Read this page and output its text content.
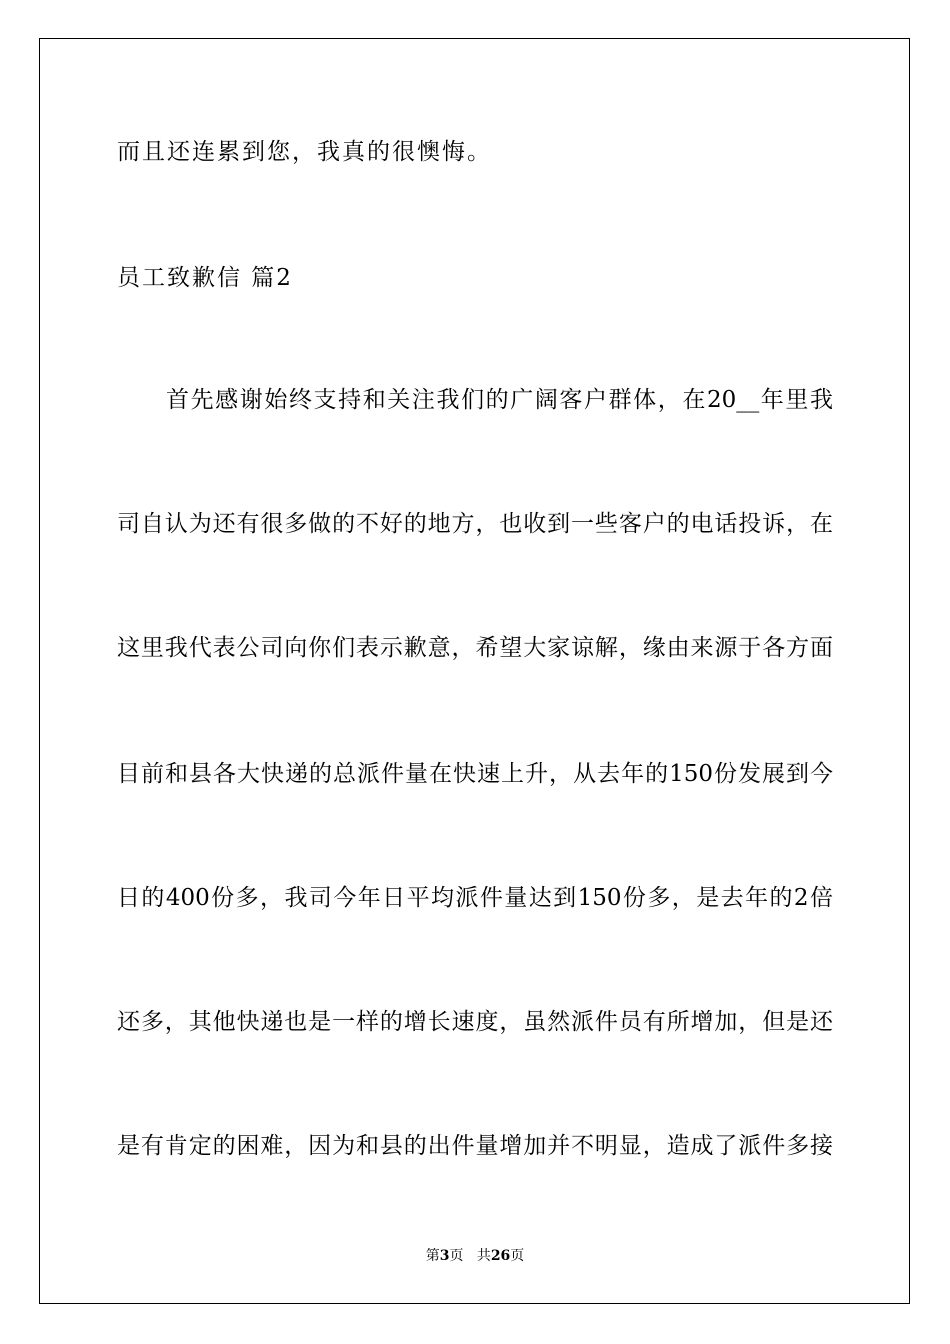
而且还连累到您，我真的很懊悔。
员工致歉信 篇2
首先感谢始终支持和关注我们的广阔客户群体，在20__年里我
司自认为还有很多做的不好的地方，也收到一些客户的电话投诉，在
这里我代表公司向你们表示歉意，希望大家谅解，缘由来源于各方面
目前和县各大快递的总派件量在快速上升，从去年的150份发展到今
日的400份多，我司今年日平均派件量达到150份多，是去年的2倍
还多，其他快递也是一样的增长速度，虽然派件员有所增加，但是还
是有肯定的困难，因为和县的出件量增加并不明显，造成了派件多接
第3页 共26页
